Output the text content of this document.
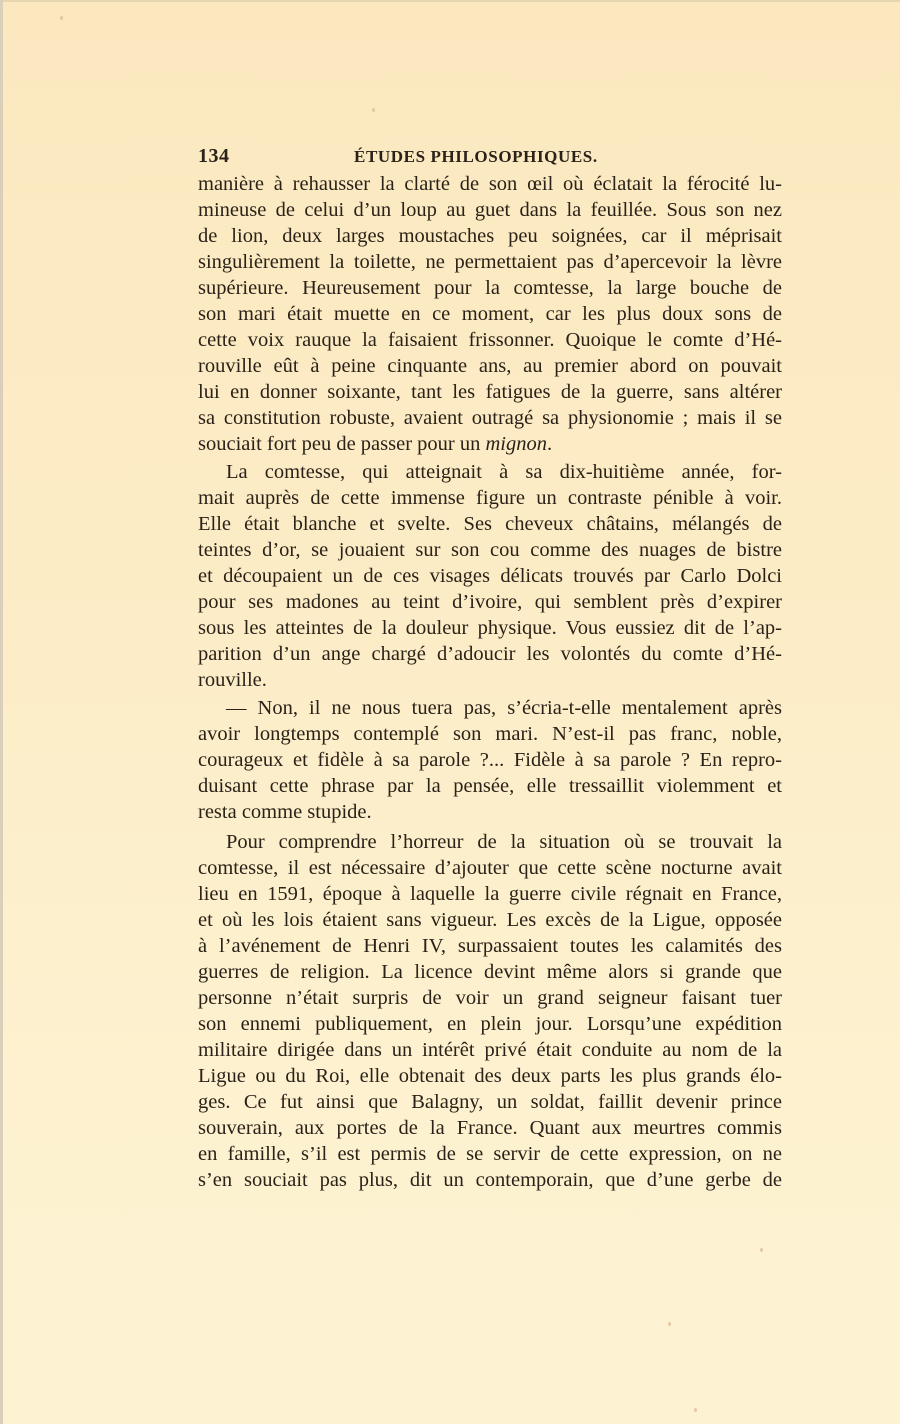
134	ÉTUDES PHILOSOPHIQUES.
manière à rehausser la clarté de son œil où éclatait la férocité lu-
mineuse de celui d’un loup au guet dans la feuillée. Sous son nez
de lion, deux larges moustaches peu soignées, car il méprisait
singulièrement la toilette, ne permettaient pas d’apercevoir la lèvre
supérieure. Heureusement pour la comtesse, la large bouche de
son mari était muette en ce moment, car les plus doux sons de
cette voix rauque la faisaient frissonner. Quoique le comte d’Hé-
rouville eût à peine cinquante ans, au premier abord on pouvait
lui en donner soixante, tant les fatigues de la guerre, sans altérer
sa constitution robuste, avaient outragé sa physionomie ; mais il se
souciait fort peu de passer pour un mignon.
La comtesse, qui atteignait à sa dix-huitième année, for-
mait auprès de cette immense figure un contraste pénible à voir.
Elle était blanche et svelte. Ses cheveux châtains, mélangés de
teintes d’or, se jouaient sur son cou comme des nuages de bistre
et découpaient un de ces visages délicats trouvés par Carlo Dolci
pour ses madones au teint d’ivoire, qui semblent près d’expirer
sous les atteintes de la douleur physique. Vous eussiez dit de l’ap-
parition d’un ange chargé d’adoucir les volontés du comte d’Hé-
rouville.
— Non, il ne nous tuera pas, s’écria-t-elle mentalement après
avoir longtemps contemplé son mari. N’est-il pas franc, noble,
courageux et fidèle à sa parole ?... Fidèle à sa parole ? En repro-
duisant cette phrase par la pensée, elle tressaillit violemment et
resta comme stupide.
Pour comprendre l’horreur de la situation où se trouvait la
comtesse, il est nécessaire d’ajouter que cette scène nocturne avait
lieu en 1591, époque à laquelle la guerre civile régnait en France,
et où les lois étaient sans vigueur. Les excès de la Ligue, opposée
à l’avénement de Henri IV, surpassaient toutes les calamités des
guerres de religion. La licence devint même alors si grande que
personne n’était surpris de voir un grand seigneur faisant tuer
son ennemi publiquement, en plein jour. Lorsqu’une expédition
militaire dirigée dans un intérêt privé était conduite au nom de la
Ligue ou du Roi, elle obtenait des deux parts les plus grands élo-
ges. Ce fut ainsi que Balagny, un soldat, faillit devenir prince
souverain, aux portes de la France. Quant aux meurtres commis
en famille, s’il est permis de se servir de cette expression, on ne
s’en souciait pas plus, dit un contemporain, que d’une gerbe de
